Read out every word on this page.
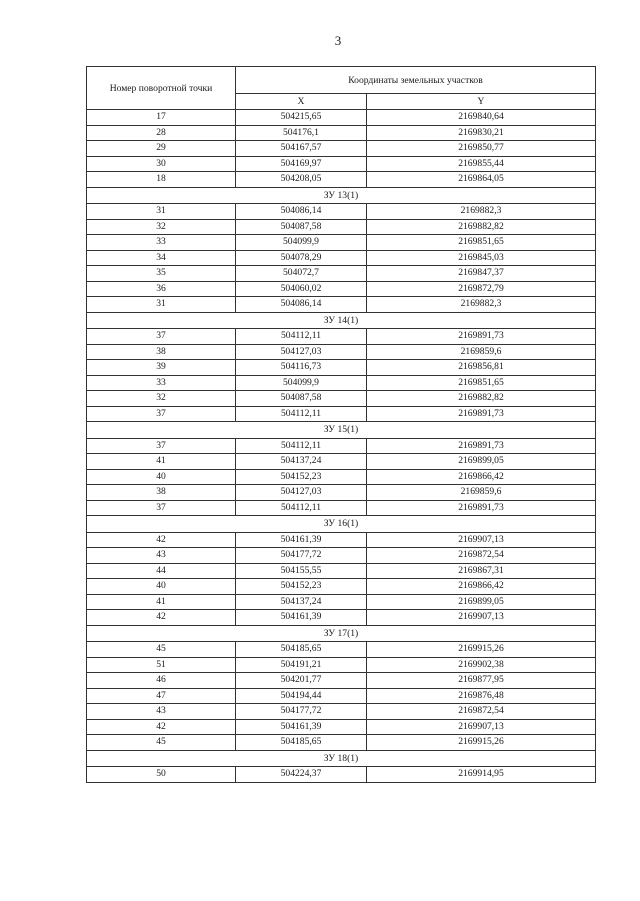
3
Номер поворотной точки	Координаты земельных участков	
	X	Y
17	504215,65	2169840,64
28	504176,1	2169830,21
29	504167,57	2169850,77
30	504169,97	2169855,44
18	504208,05	2169864,05
ЗУ 13(1)		
31	504086,14	2169882,3
32	504087,58	2169882,82
33	504099,9	2169851,65
34	504078,29	2169845,03
35	504072,7	2169847,37
36	504060,02	2169872,79
31	504086,14	2169882,3
ЗУ 14(1)		
37	504112,11	2169891,73
38	504127,03	2169859,6
39	504116,73	2169856,81
33	504099,9	2169851,65
32	504087,58	2169882,82
37	504112,11	2169891,73
ЗУ 15(1)		
37	504112,11	2169891,73
41	504137,24	2169899,05
40	504152,23	2169866,42
38	504127,03	2169859,6
37	504112,11	2169891,73
ЗУ 16(1)		
42	504161,39	2169907,13
43	504177,72	2169872,54
44	504155,55	2169867,31
40	504152,23	2169866,42
41	504137,24	2169899,05
42	504161,39	2169907,13
ЗУ 17(1)		
45	504185,65	2169915,26
51	504191,21	2169902,38
46	504201,77	2169877,95
47	504194,44	2169876,48
43	504177,72	2169872,54
42	504161,39	2169907,13
45	504185,65	2169915,26
ЗУ 18(1)		
50	504224,37	2169914,95
